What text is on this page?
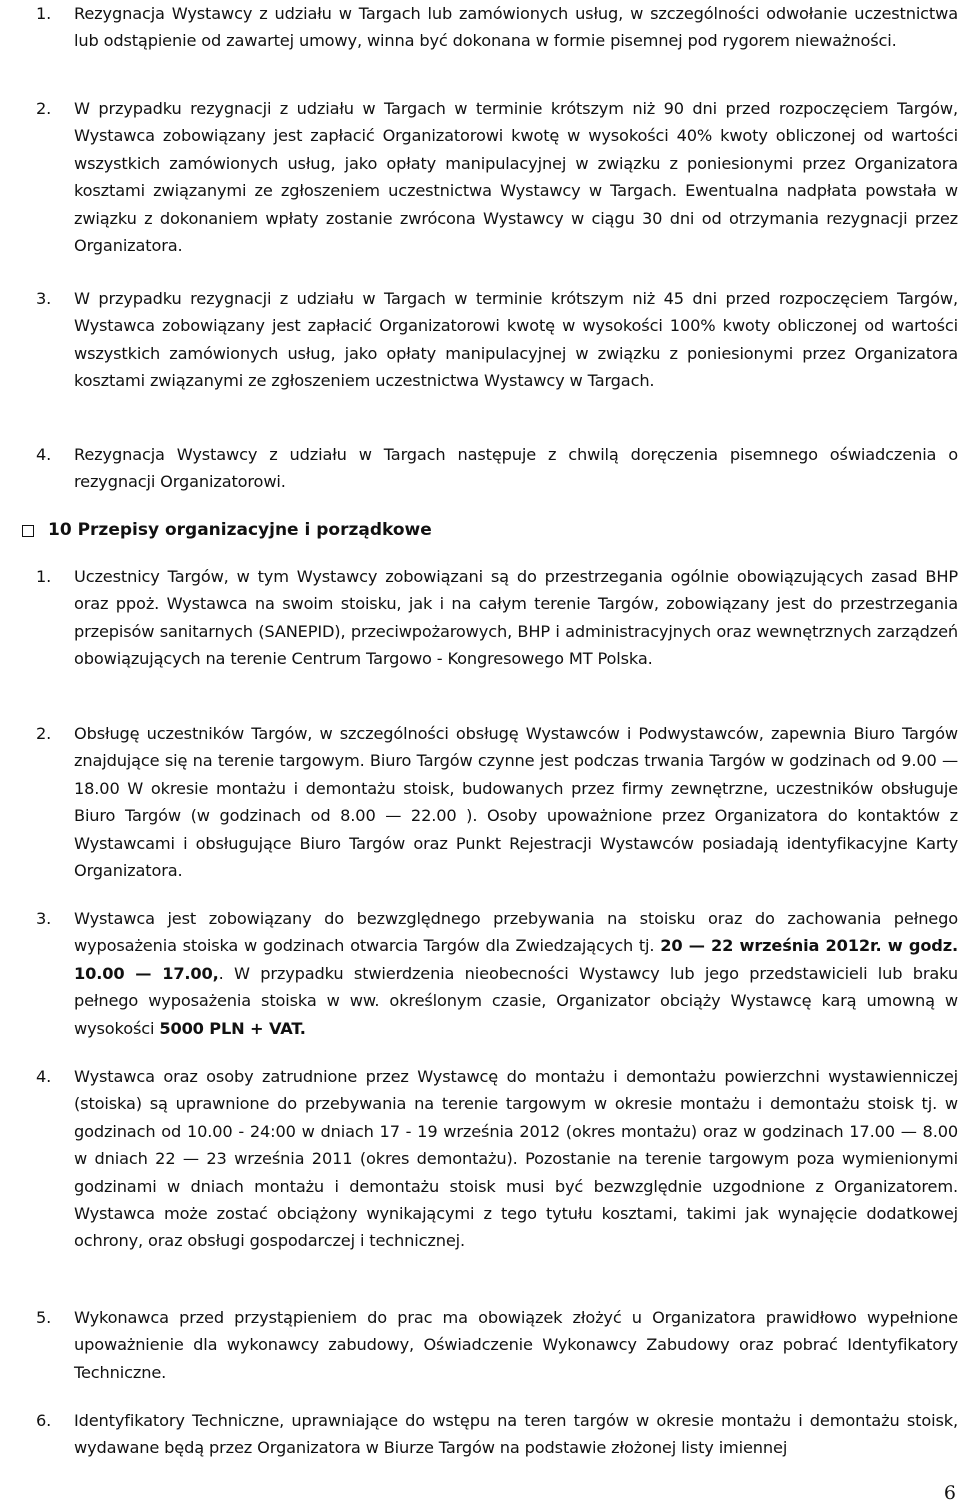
1.	Rezygnacja Wystawcy z udziału w Targach lub zamówionych usług, w szczególności odwołanie uczestnictwa lub odstąpienie od zawartej umowy, winna być dokonana w formie pisemnej pod rygorem nieważności.
2.	W przypadku rezygnacji z udziału w Targach w terminie krótszym niż 90 dni przed rozpoczęciem Targów, Wystawca zobowiązany jest zapłacić Organizatorowi kwotę w wysokości 40% kwoty obliczonej od wartości wszystkich zamówionych usług, jako opłaty manipulacyjnej w związku z poniesionymi przez Organizatora kosztami związanymi ze zgłoszeniem uczestnictwa Wystawcy w Targach. Ewentualna nadpłata powstała w związku z dokonaniem wpłaty zostanie zwrócona Wystawcy w ciągu 30 dni od otrzymania rezygnacji przez Organizatora.
3.	W przypadku rezygnacji z udziału w Targach w terminie krótszym niż 45 dni przed rozpoczęciem Targów, Wystawca zobowiązany jest zapłacić Organizatorowi kwotę w wysokości 100% kwoty obliczonej od wartości wszystkich zamówionych usług, jako opłaty manipulacyjnej w związku z poniesionymi przez Organizatora kosztami związanymi ze zgłoszeniem uczestnictwa Wystawcy w Targach.
4.	Rezygnacja Wystawcy z udziału w Targach następuje z chwilą doręczenia pisemnego oświadczenia o rezygnacji Organizatorowi.
10 Przepisy organizacyjne i porządkowe
1.	Uczestnicy Targów, w tym Wystawcy zobowiązani są do przestrzegania ogólnie obowiązujących zasad BHP oraz ppoż. Wystawca na swoim stoisku, jak i na całym terenie Targów, zobowiązany jest do przestrzegania przepisów sanitarnych (SANEPID), przeciwpożarowych, BHP i administracyjnych oraz wewnętrznych zarządzeń obowiązujących na terenie Centrum Targowo - Kongresowego MT Polska.
2.	Obsługę uczestników Targów, w szczególności obsługę Wystawców i Podwystawców, zapewnia Biuro Targów znajdujące się na terenie targowym. Biuro Targów czynne jest podczas trwania Targów w godzinach od 9.00 — 18.00 W okresie montażu i demontażu stoisk, budowanych przez firmy zewnętrzne, uczestników obsługuje Biuro Targów (w godzinach od 8.00 — 22.00 ). Osoby upoważnione przez Organizatora do kontaktów z Wystawcami i obsługujące Biuro Targów oraz Punkt Rejestracji Wystawców posiadają identyfikacyjne Karty Organizatora.
3.	Wystawca jest zobowiązany do bezwzględnego przebywania na stoisku oraz do zachowania pełnego wyposażenia stoiska w godzinach otwarcia Targów dla Zwiedzających tj. 20 — 22 września 2012r. w godz. 10.00 — 17.00,. W przypadku stwierdzenia nieobecności Wystawcy lub jego przedstawicieli lub braku pełnego wyposażenia stoiska w ww. określonym czasie, Organizator obciąży Wystawcę karą umowną w wysokości 5000 PLN + VAT.
4.	Wystawca oraz osoby zatrudnione przez Wystawcę do montażu i demontażu powierzchni wystawienniczej (stoiska) są uprawnione do przebywania na terenie targowym w okresie montażu i demontażu stoisk tj. w godzinach od 10.00 - 24:00 w dniach 17 - 19 września 2012 (okres montażu) oraz w godzinach 17.00 — 8.00 w dniach 22 — 23 września 2011 (okres demontażu). Pozostanie na terenie targowym poza wymienionymi godzinami w dniach montażu i demontażu stoisk musi być bezwzględnie uzgodnione z Organizatorem. Wystawca może zostać obciążony wynikającymi z tego tytułu kosztami, takimi jak wynajęcie dodatkowej ochrony, oraz obsługi gospodarczej i technicznej.
5.	Wykonawca przed przystąpieniem do prac ma obowiązek złożyć u Organizatora prawidłowo wypełnione upoważnienie dla wykonawcy zabudowy, Oświadczenie Wykonawcy Zabudowy oraz pobrać Identyfikatory Techniczne.
6.	Identyfikatory Techniczne, uprawniające do wstępu na teren targów w okresie montażu i demontażu stoisk, wydawane będą przez Organizatora w Biurze Targów na podstawie złożonej listy imiennej
6
